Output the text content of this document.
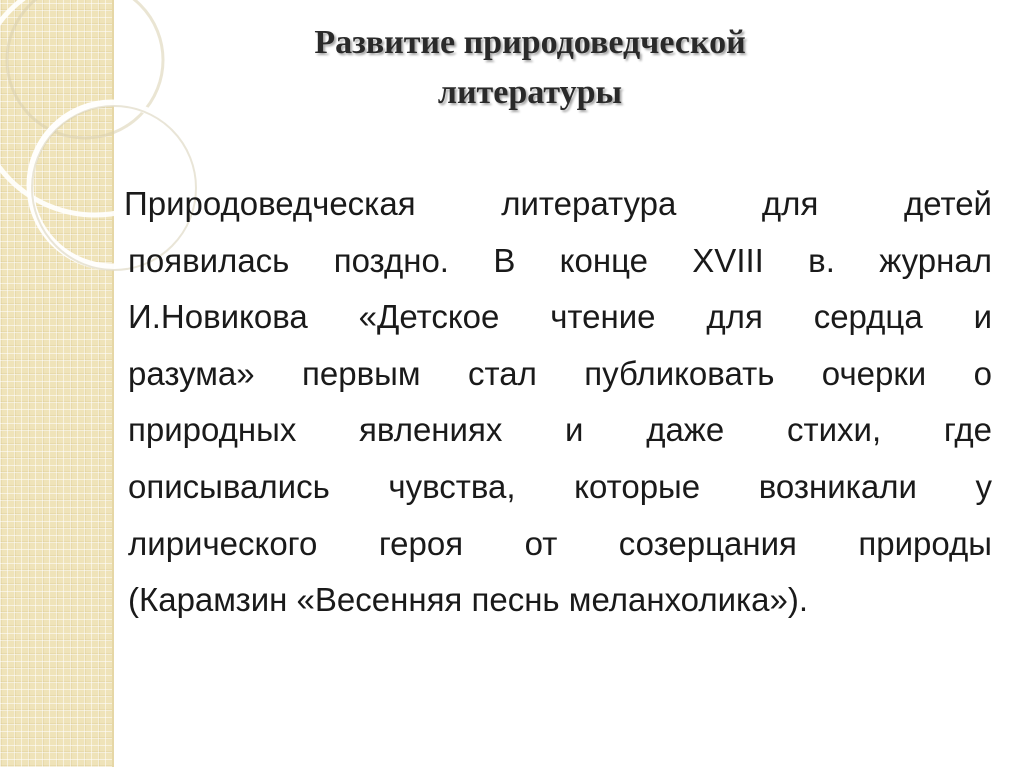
Развитие природоведческой
литературы
Природоведческая литература для детей
появилась поздно. В конце XVIII в. журнал
И.Новикова «Детское чтение для сердца и
разума» первым стал публиковать очерки о
природных явлениях и даже стихи, где
описывались чувства, которые возникали у
лирического героя от созерцания природы
(Карамзин «Весенняя песнь меланхолика»).
